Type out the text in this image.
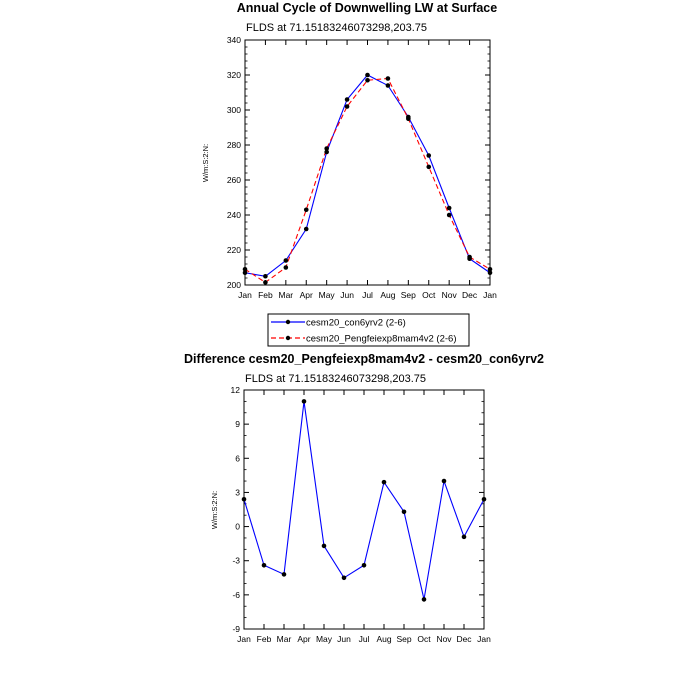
Annual Cycle of Downwelling LW at Surface
FLDS at 71.15183246073298,203.75
W/m:S:2:N:
Jan Feb Mar Apr May Jun Jul Aug Sep Oct Nov Dec Jan
200
220
240
260
280
300
320
340
cesm20_con6yrv2 (2-6)
cesm20_Pengfeiexp8mam4v2 (2-6)
Difference cesm20_Pengfeiexp8mam4v2 - cesm20_con6yrv2
FLDS at 71.15183246073298,203.75
W/m:S:2:N:
Jan Feb Mar Apr May Jun Jul Aug Sep Oct Nov Dec Jan
-9
-6
-3
0
3
6
9
12
